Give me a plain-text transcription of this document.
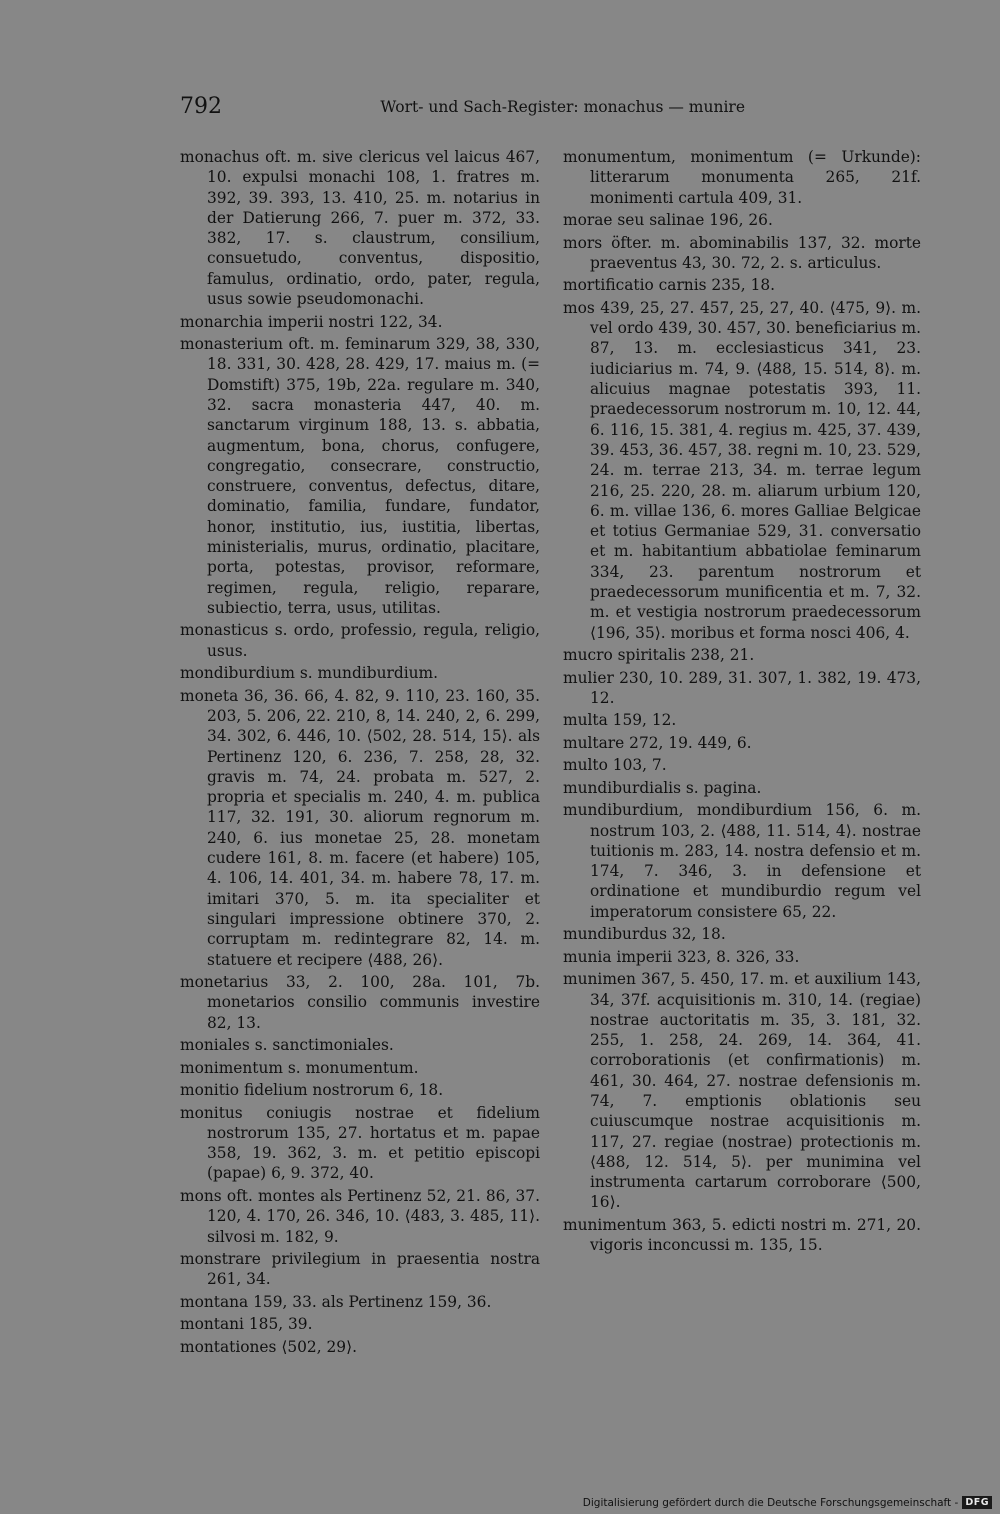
792	Wort- und Sach-Register: monachus — munire

monachus oft. m. sive clericus vel laicus 467, 10. expulsi monachi 108, 1. fratres m. 392, 39. 393, 13. 410, 25. m. notarius in der Datierung 266, 7. puer m. 372, 33. 382, 17. s. claustrum, consilium, consuetudo, conventus, dispositio, famulus, ordinatio, ordo, pater, regula, usus sowie pseudomonachi.

monarchia imperii nostri 122, 34.

monasterium oft. m. feminarum 329, 38, 330, 18. 331, 30. 428, 28. 429, 17. maius m. (= Domstift) 375, 19b, 22a. regulare m. 340, 32. sacra monasteria 447, 40. m. sanctarum virginum 188, 13. s. abbatia, augmentum, bona, chorus, confugere, congregatio, consecrare, constructio, construere, conventus, defectus, ditare, dominatio, familia, fundare, fundator, honor, institutio, ius, iustitia, libertas, ministerialis, murus, ordinatio, placitare, porta, potestas, provisor, reformare, regimen, regula, religio, reparare, subiectio, terra, usus, utilitas.

monasticus s. ordo, professio, regula, religio, usus.

mondiburdium s. mundiburdium.

moneta 36, 36. 66, 4. 82, 9. 110, 23. 160, 35. 203, 5. 206, 22. 210, 8, 14. 240, 2, 6. 299, 34. 302, 6. 446, 10. ⟨502, 28. 514, 15⟩. als Pertinenz 120, 6. 236, 7. 258, 28, 32. gravis m. 74, 24. probata m. 527, 2. propria et specialis m. 240, 4. m. publica 117, 32. 191, 30. aliorum regnorum m. 240, 6. ius monetae 25, 28. monetam cudere 161, 8. m. facere (et habere) 105, 4. 106, 14. 401, 34. m. habere 78, 17. m. imitari 370, 5. m. ita specialiter et singulari impressione obtinere 370, 2. corruptam m. redintegrare 82, 14. m. statuere et recipere ⟨488, 26⟩.

monetarius 33, 2. 100, 28a. 101, 7b. monetarios consilio communis investire 82, 13.

moniales s. sanctimoniales.

monimentum s. monumentum.

monitio fidelium nostrorum 6, 18.

monitus coniugis nostrae et fidelium nostrorum 135, 27. hortatus et m. papae 358, 19. 362, 3. m. et petitio episcopi (papae) 6, 9. 372, 40.

mons oft. montes als Pertinenz 52, 21. 86, 37. 120, 4. 170, 26. 346, 10. ⟨483, 3. 485, 11⟩. silvosi m. 182, 9.

monstrare privilegium in praesentia nostra 261, 34.

montana 159, 33. als Pertinenz 159, 36.

montani 185, 39.

montationes ⟨502, 29⟩.

monumentum, monimentum (= Urkunde): litterarum monumenta 265, 21f. monimenti cartula 409, 31.

morae seu salinae 196, 26.

mors öfter. m. abominabilis 137, 32. morte praeventus 43, 30. 72, 2. s. articulus.

mortificatio carnis 235, 18.

mos 439, 25, 27. 457, 25, 27, 40. ⟨475, 9⟩. m. vel ordo 439, 30. 457, 30. beneficiarius m. 87, 13. m. ecclesiasticus 341, 23. iudiciarius m. 74, 9. ⟨488, 15. 514, 8⟩. m. alicuius magnae potestatis 393, 11. praedecessorum nostrorum m. 10, 12. 44, 6. 116, 15. 381, 4. regius m. 425, 37. 439, 39. 453, 36. 457, 38. regni m. 10, 23. 529, 24. m. terrae 213, 34. m. terrae legum 216, 25. 220, 28. m. aliarum urbium 120, 6. m. villae 136, 6. mores Galliae Belgicae et totius Germaniae 529, 31. conversatio et m. habitantium abbatiolae feminarum 334, 23. parentum nostrorum et praedecessorum munificentia et m. 7, 32. m. et vestigia nostrorum praedecessorum ⟨196, 35⟩. moribus et forma nosci 406, 4.

mucro spiritalis 238, 21.

mulier 230, 10. 289, 31. 307, 1. 382, 19. 473, 12.

multa 159, 12.

multare 272, 19. 449, 6.

multo 103, 7.

mundiburdialis s. pagina.

mundiburdium, mondiburdium 156, 6. m. nostrum 103, 2. ⟨488, 11. 514, 4⟩. nostrae tuitionis m. 283, 14. nostra defensio et m. 174, 7. 346, 3. in defensione et ordinatione et mundiburdio regum vel imperatorum consistere 65, 22.

mundiburdus 32, 18.

munia imperii 323, 8. 326, 33.

munimen 367, 5. 450, 17. m. et auxilium 143, 34, 37f. acquisitionis m. 310, 14. (regiae) nostrae auctoritatis m. 35, 3. 181, 32. 255, 1. 258, 24. 269, 14. 364, 41. corroborationis (et confirmationis) m. 461, 30. 464, 27. nostrae defensionis m. 74, 7. emptionis oblationis seu cuiuscumque nostrae acquisitionis m. 117, 27. regiae (nostrae) protectionis m. ⟨488, 12. 514, 5⟩. per munimina vel instrumenta cartarum corroborare ⟨500, 16⟩.

munimentum 363, 5. edicti nostri m. 271, 20. vigoris inconcussi m. 135, 15.

Digitalisierung gefördert durch die Deutsche Forschungsgemeinschaft - DFG
